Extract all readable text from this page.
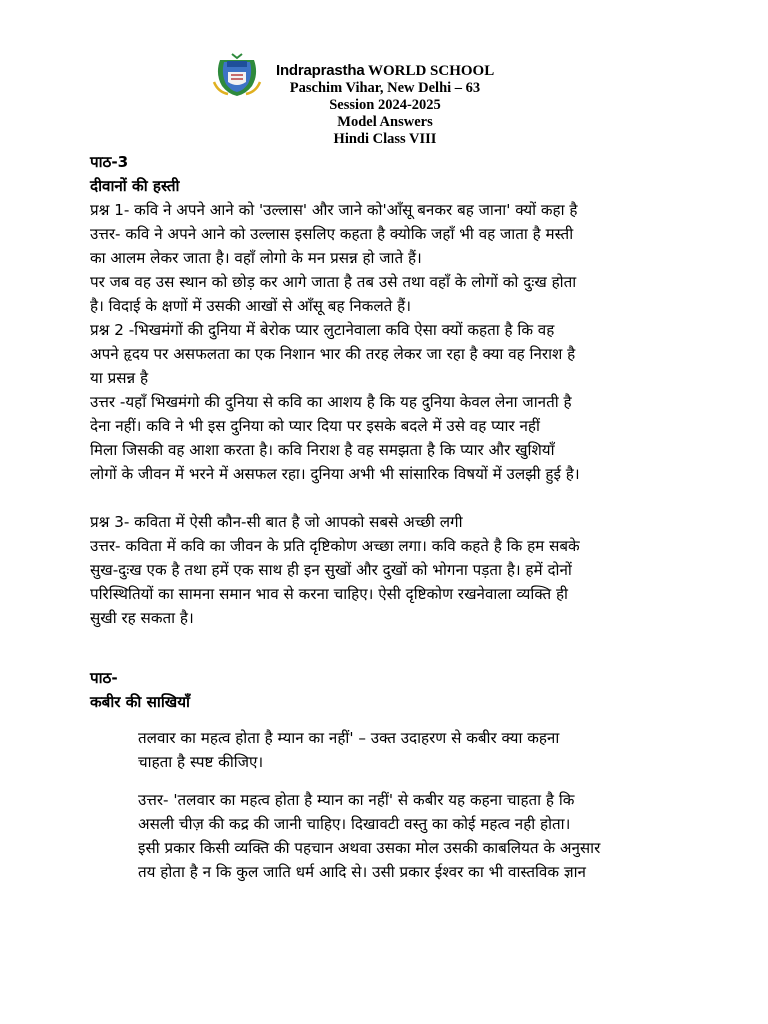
Indraprastha WORLD SCHOOL
Paschim Vihar, New Delhi – 63
Session 2024-2025
Model Answers
Hindi Class VIII

पाठ-3

दीवानों की हस्ती

प्रश्न 1- कवि ने अपने आने को 'उल्लास' और जाने को'आँसू बनकर बह जाना' क्यों कहा है

उत्तर- कवि ने अपने आने को उल्लास इसलिए कहता है क्योकि जहाँ भी वह जाता है मस्ती

का आलम लेकर जाता है। वहाँ लोगो के मन प्रसन्न हो जाते हैं।

पर जब वह उस स्थान को छोड़ कर आगे जाता है तब उसे तथा वहाँ के लोगों को दुःख होता

है। विदाई के क्षणों में उसकी आखों से आँसू बह निकलते हैं।

प्रश्न 2 -भिखमंगों की दुनिया में बेरोक प्यार लुटानेवाला कवि ऐसा क्यों कहता है कि वह

अपने हृदय पर असफलता का एक निशान भार की तरह लेकर जा रहा है क्या वह निराश है

या प्रसन्न है

उत्तर -यहाँ भिखमंगो की दुनिया से कवि का आशय है कि यह दुनिया केवल लेना जानती है

देना नहीं। कवि ने भी इस दुनिया को प्यार दिया पर इसके बदले में उसे वह प्यार नहीं

मिला जिसकी वह आशा करता है। कवि निराश है वह समझता है कि प्यार और खुशियाँ

लोगों के जीवन में भरने में असफल रहा। दुनिया अभी भी सांसारिक विषयों में उलझी हुई है।

प्रश्न 3- कविता में ऐसी कौन-सी बात है जो आपको सबसे अच्छी लगी

उत्तर- कविता में कवि का जीवन के प्रति दृष्टिकोण अच्छा लगा। कवि कहते है कि हम सबके

सुख-दुःख एक है तथा हमें एक साथ ही इन सुखों और दुखों को भोगना पड़ता है। हमें दोनों

परिस्थितियों का सामना समान भाव से करना चाहिए। ऐसी दृष्टिकोण रखनेवाला व्यक्ति ही

सुखी रह सकता है।

पाठ-

कबीर की साखियाँ

तलवार का महत्व होता है म्यान का नहीं' – उक्त उदाहरण से कबीर क्या कहना

चाहता है स्पष्ट कीजिए।

उत्तर- 'तलवार का महत्व होता है म्यान का नहीं' से कबीर यह कहना चाहता है कि

असली चीज़ की कद्र की जानी चाहिए। दिखावटी वस्तु का कोई महत्व नही होता।

इसी प्रकार किसी व्यक्ति की पहचान अथवा उसका मोल उसकी काबलियत के अनुसार

तय होता है न कि कुल जाति धर्म आदि से। उसी प्रकार ईश्वर का भी वास्तविक ज्ञान
